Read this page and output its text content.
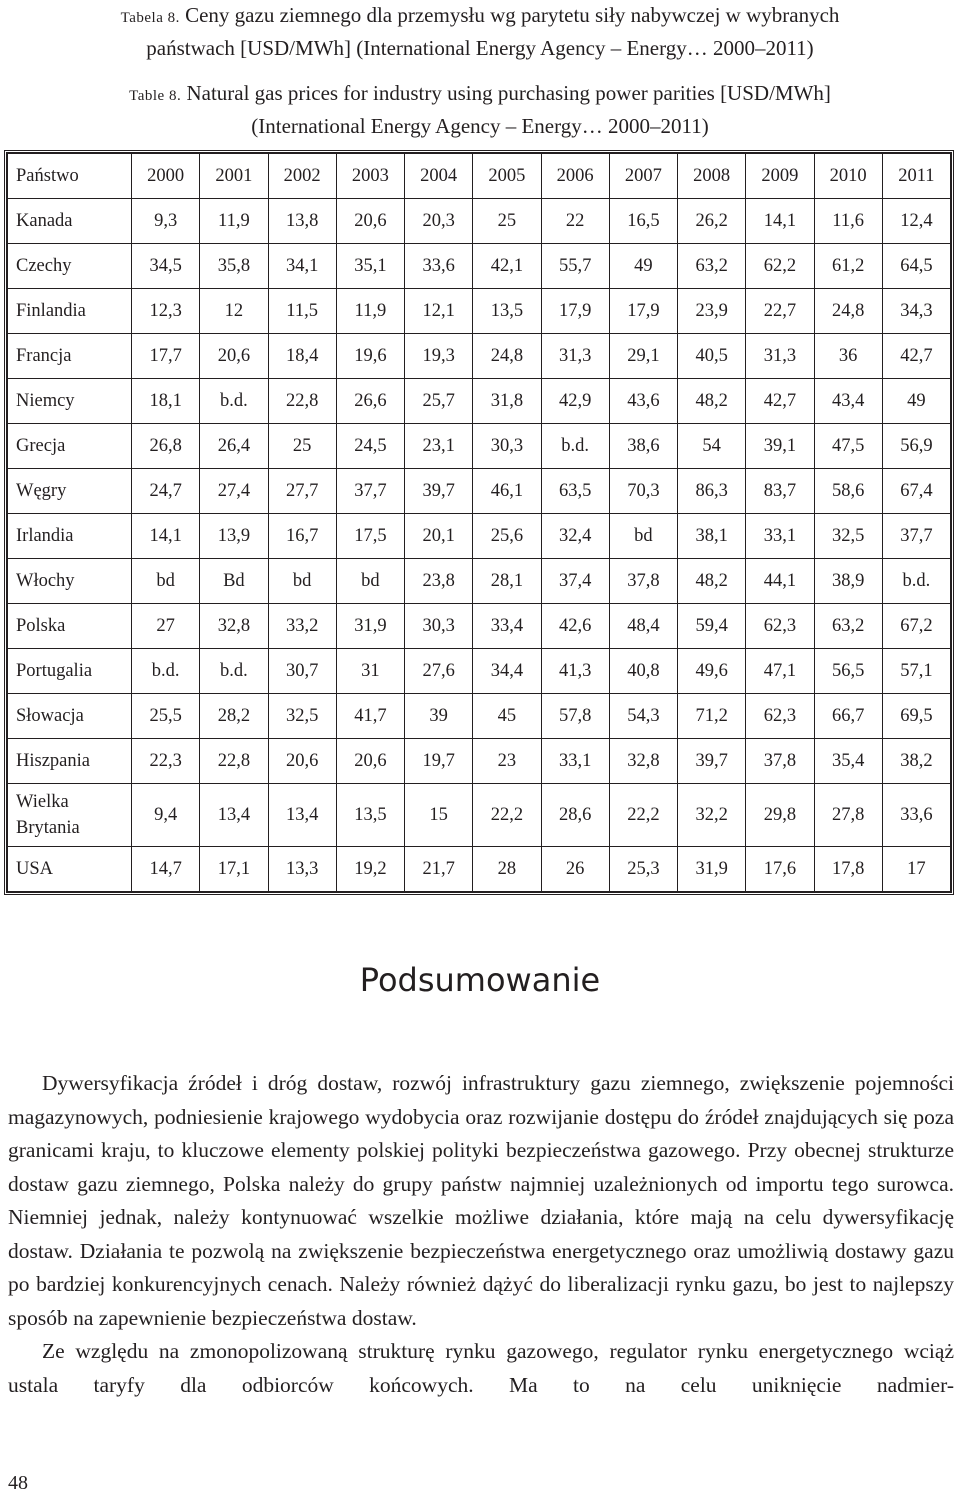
Tabela 8. Ceny gazu ziemnego dla przemysłu wg parytetu siły nabywczej w wybranych
państwach [USD/MWh] (International Energy Agency – Energy… 2000–2011)
Table 8. Natural gas prices for industry using purchasing power parities [USD/MWh]
(International Energy Agency – Energy… 2000–2011)
Państwo	2000	2001	2002	2003	2004	2005	2006	2007	2008	2009	2010	2011
Kanada	9,3	11,9	13,8	20,6	20,3	25	22	16,5	26,2	14,1	11,6	12,4
Czechy	34,5	35,8	34,1	35,1	33,6	42,1	55,7	49	63,2	62,2	61,2	64,5
Finlandia	12,3	12	11,5	11,9	12,1	13,5	17,9	17,9	23,9	22,7	24,8	34,3
Francja	17,7	20,6	18,4	19,6	19,3	24,8	31,3	29,1	40,5	31,3	36	42,7
Niemcy	18,1	b.d.	22,8	26,6	25,7	31,8	42,9	43,6	48,2	42,7	43,4	49
Grecja	26,8	26,4	25	24,5	23,1	30,3	b.d.	38,6	54	39,1	47,5	56,9
Węgry	24,7	27,4	27,7	37,7	39,7	46,1	63,5	70,3	86,3	83,7	58,6	67,4
Irlandia	14,1	13,9	16,7	17,5	20,1	25,6	32,4	bd	38,1	33,1	32,5	37,7
Włochy	bd	Bd	bd	bd	23,8	28,1	37,4	37,8	48,2	44,1	38,9	b.d.
Polska	27	32,8	33,2	31,9	30,3	33,4	42,6	48,4	59,4	62,3	63,2	67,2
Portugalia	b.d.	b.d.	30,7	31	27,6	34,4	41,3	40,8	49,6	47,1	56,5	57,1
Słowacja	25,5	28,2	32,5	41,7	39	45	57,8	54,3	71,2	62,3	66,7	69,5
Hiszpania	22,3	22,8	20,6	20,6	19,7	23	33,1	32,8	39,7	37,8	35,4	38,2
Wielka Brytania	9,4	13,4	13,4	13,5	15	22,2	28,6	22,2	32,2	29,8	27,8	33,6
USA	14,7	17,1	13,3	19,2	21,7	28	26	25,3	31,9	17,6	17,8	17
Podsumowanie

Dywersyfikacja źródeł i dróg dostaw, rozwój infrastruktury gazu ziemnego, zwiększenie pojemności magazynowych, podniesienie krajowego wydobycia oraz rozwijanie dostępu do źródeł znajdujących się poza granicami kraju, to kluczowe elementy polskiej polityki bezpieczeństwa gazowego. Przy obecnej strukturze dostaw gazu ziemnego, Polska należy do grupy państw najmniej uzależnionych od importu tego surowca. Niemniej jednak, należy kontynuować wszelkie możliwe działania, które mają na celu dywersyfikację dostaw. Działania te pozwolą na zwiększenie bezpieczeństwa energetycznego oraz umożliwią dostawy gazu po bardziej konkurencyjnych cenach. Należy również dążyć do liberalizacji rynku gazu, bo jest to najlepszy sposób na zapewnienie bezpieczeństwa dostaw.

Ze względu na zmonopolizowaną strukturę rynku gazowego, regulator rynku energetycznego wciąż ustala taryfy dla odbiorców końcowych. Ma to na celu uniknięcie nadmier-

48
